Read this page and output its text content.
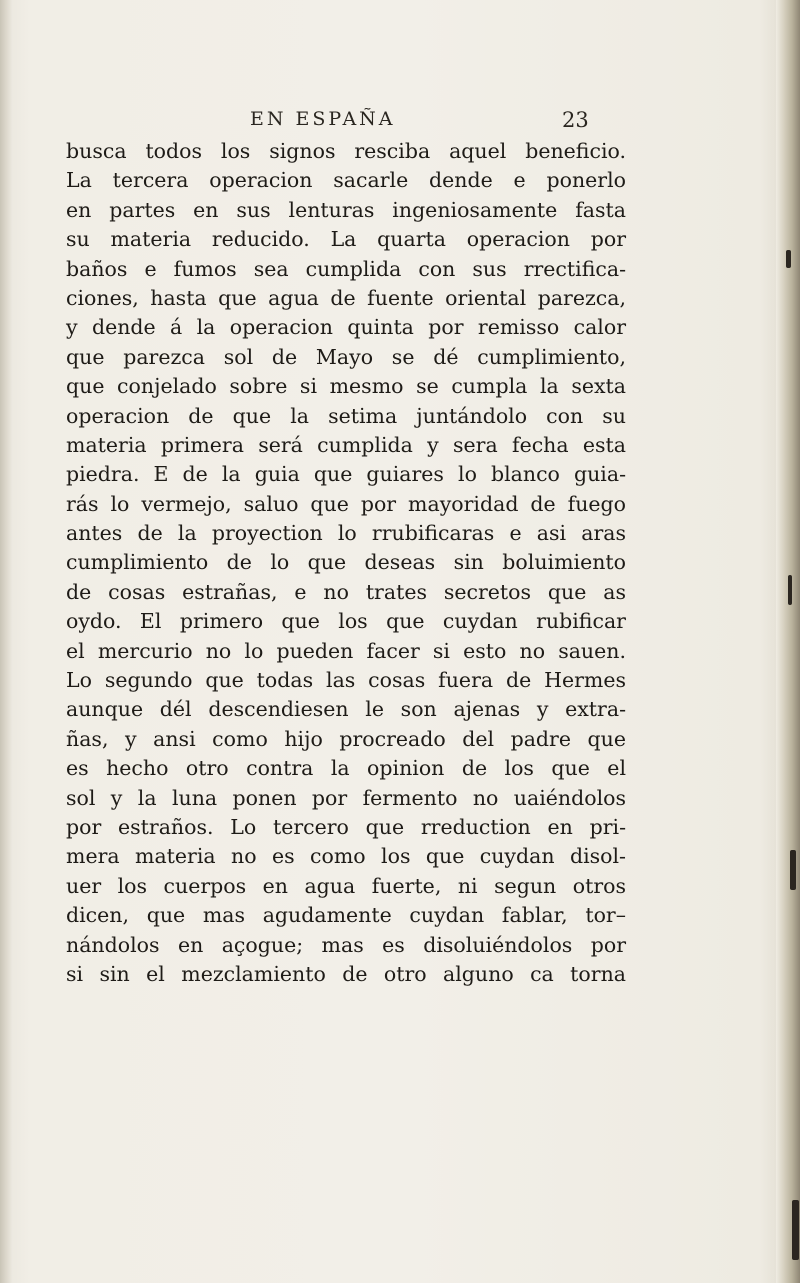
EN ESPAÑA	23
busca todos los signos resciba aquel beneficio.
La tercera operacion sacarle dende e ponerlo
en partes en sus lenturas ingeniosamente fasta
su materia reducido. La quarta operacion por
baños e fumos sea cumplida con sus rrectifica-
ciones, hasta que agua de fuente oriental parezca,
y dende á la operacion quinta por remisso calor
que parezca sol de Mayo se dé cumplimiento,
que conjelado sobre si mesmo se cumpla la sexta
operacion de que la setima juntándolo con su
materia primera será cumplida y sera fecha esta
piedra. E de la guia que guiares lo blanco guia-
rás lo vermejo, saluo que por mayoridad de fuego
antes de la proyection lo rrubificaras e asi aras
cumplimiento de lo que deseas sin boluimiento
de cosas estrañas, e no trates secretos que as
oydo. El primero que los que cuydan rubificar
el mercurio no lo pueden facer si esto no sauen.
Lo segundo que todas las cosas fuera de Hermes
aunque dél descendiesen le son ajenas y extra-
ñas, y ansi como hijo procreado del padre que
es hecho otro contra la opinion de los que el
sol y la luna ponen por fermento no uaiéndolos
por estraños. Lo tercero que rreduction en pri-
mera materia no es como los que cuydan disol-
uer los cuerpos en agua fuerte, ni segun otros
dicen, que mas agudamente cuydan fablar, tor–
nándolos en açogue; mas es disoluiéndolos por
si sin el mezclamiento de otro alguno ca torna
